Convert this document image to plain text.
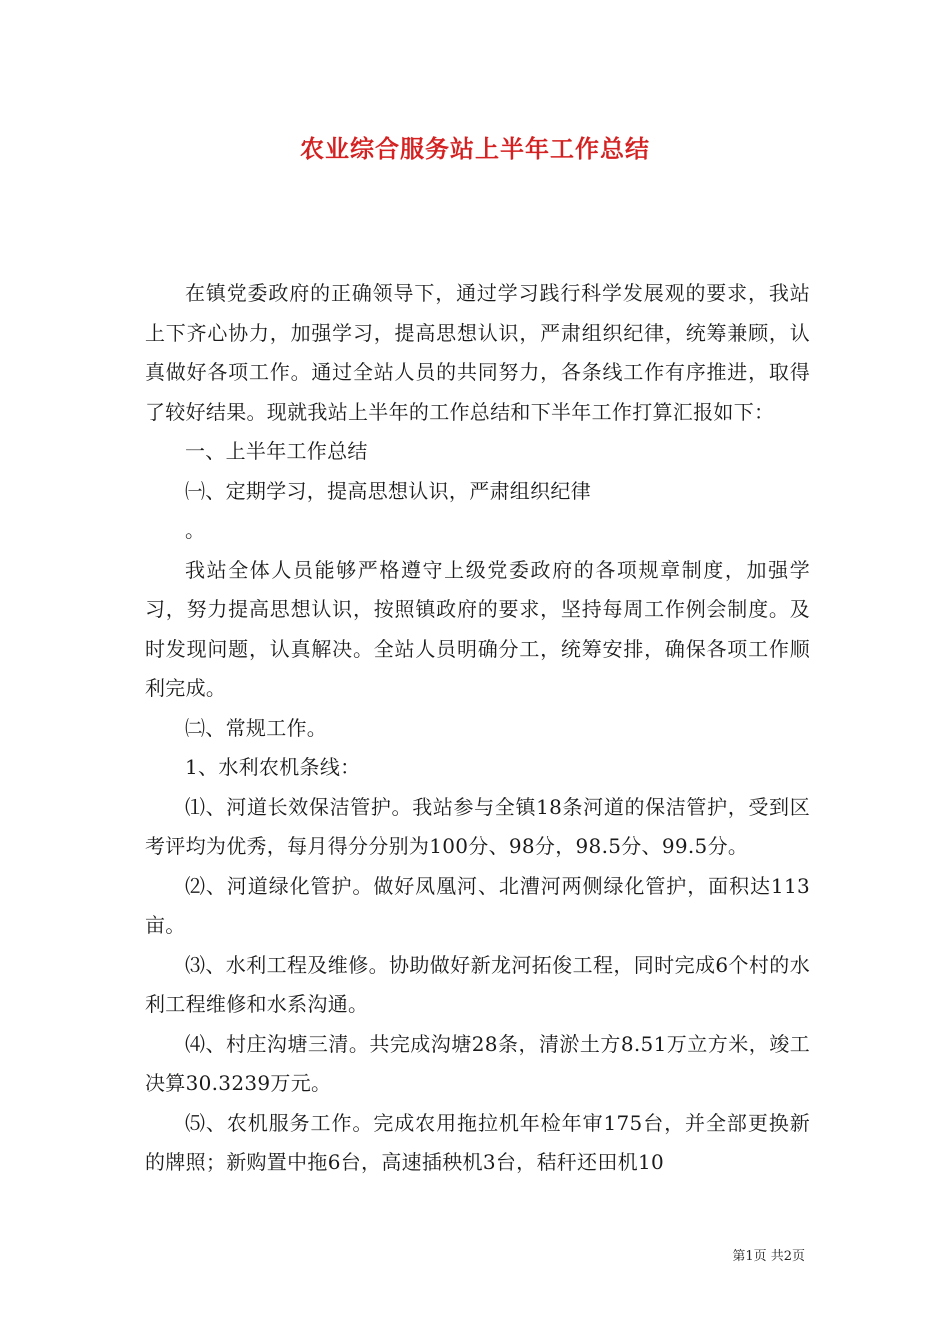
农业综合服务站上半年工作总结

在镇党委政府的正确领导下，通过学习践行科学发展观的要求，我站上下齐心协力，加强学习，提高思想认识，严肃组织纪律，统筹兼顾，认真做好各项工作。通过全站人员的共同努力，各条线工作有序推进，取得了较好结果。现就我站上半年的工作总结和下半年工作打算汇报如下：

一、上半年工作总结

㈠、定期学习，提高思想认识，严肃组织纪律

。

我站全体人员能够严格遵守上级党委政府的各项规章制度，加强学习，努力提高思想认识，按照镇政府的要求，坚持每周工作例会制度。及时发现问题，认真解决。全站人员明确分工，统筹安排，确保各项工作顺利完成。

㈡、常规工作。

1、水利农机条线：

⑴、河道长效保洁管护。我站参与全镇18条河道的保洁管护，受到区考评均为优秀，每月得分分别为100分、98分，98.5分、99.5分。

⑵、河道绿化管护。做好凤凰河、北漕河两侧绿化管护，面积达113亩。

⑶、水利工程及维修。协助做好新龙河拓俊工程，同时完成6个村的水利工程维修和水系沟通。

⑷、村庄沟塘三清。共完成沟塘28条，清淤土方8.51万立方米，竣工决算30.3239万元。

⑸、农机服务工作。完成农用拖拉机年检年审175台，并全部更换新的牌照；新购置中拖6台，高速插秧机3台，秸秆还田机10

第1页 共2页
